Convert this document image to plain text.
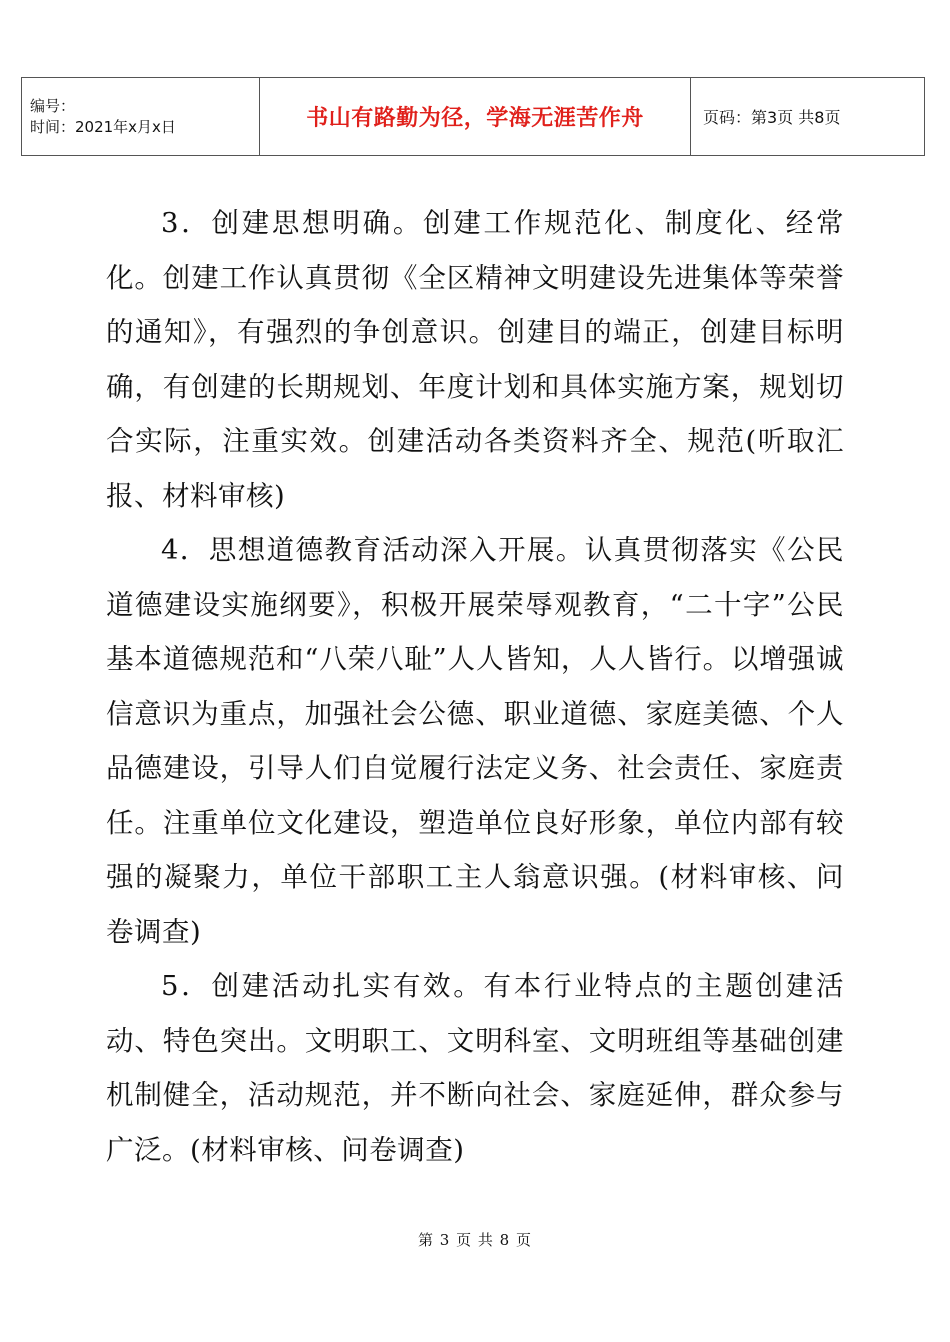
编号：
时间：2021年x月x日	书山有路勤为径，学海无涯苦作舟	页码：第3页 共8页

3．创建思想明确。创建工作规范化、制度化、经常化。创建工作认真贯彻《全区精神文明建设先进集体等荣誉的通知》，有强烈的争创意识。创建目的端正，创建目标明确，有创建的长期规划、年度计划和具体实施方案，规划切合实际，注重实效。创建活动各类资料齐全、规范(听取汇报、材料审核)

4．思想道德教育活动深入开展。认真贯彻落实《公民道德建设实施纲要》，积极开展荣辱观教育，“二十字”公民基本道德规范和“八荣八耻”人人皆知，人人皆行。以增强诚信意识为重点，加强社会公德、职业道德、家庭美德、个人品德建设，引导人们自觉履行法定义务、社会责任、家庭责任。注重单位文化建设，塑造单位良好形象，单位内部有较强的凝聚力，单位干部职工主人翁意识强。(材料审核、问卷调查)

5．创建活动扎实有效。有本行业特点的主题创建活动、特色突出。文明职工、文明科室、文明班组等基础创建机制健全，活动规范，并不断向社会、家庭延伸，群众参与广泛。(材料审核、问卷调查)

第 3 页 共 8 页
